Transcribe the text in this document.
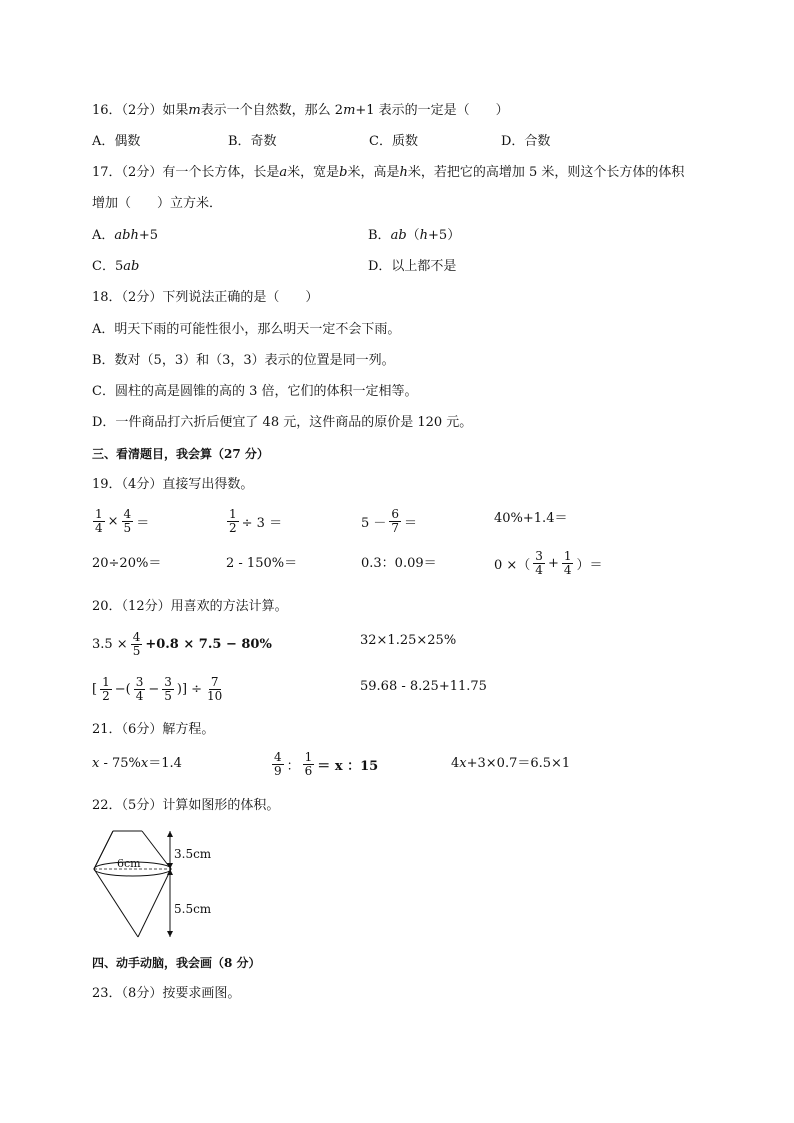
16．（2分）如果m表示一个自然数，那么 2m+1 表示的一定是（　　）
A．偶数	B．奇数	C．质数	D．合数
17．（2分）有一个长方体，长是a米，宽是b米，高是h米，若把它的高增加 5 米，则这个长方体的体积
增加（　　）立方米．
A．abh+5	B．ab（h+5）
C．5ab	D．以上都不是
18．（2分）下列说法正确的是（　　）
A．明天下雨的可能性很小，那么明天一定不会下雨。
B．数对（5，3）和（3，3）表示的位置是同一列。
C．圆柱的高是圆锥的高的 3 倍，它们的体积一定相等。
D．一件商品打六折后便宜了 48 元，这件商品的原价是 120 元。
三、看清题目，我会算（27 分）
19．（4分）直接写出得数。
$\frac{1}{4} \times \frac{4}{5}$ ＝	$\frac{1}{2} \div 3$ ＝	$5 - \frac{6}{7}$ ＝	40%+1.4＝
20÷20%＝	2 - 150%＝	0.3：0.09＝	0 ×（ $\frac{3}{4} + \frac{1}{4}$ ）＝
20．（12分）用喜欢的方法计算。
$3.5 \times \frac{4}{5} +0.8 \times 7.5 - 80\%$	32×1.25×25%
[ $\frac{1}{2}$ −( $\frac{3}{4} - \frac{3}{5}$ )] ÷ $\frac{7}{10}$	59.68 - 8.25+11.75
21．（6分）解方程。
x - 75%x＝1.4	$\frac{4}{9}$ ： $\frac{1}{6} = x$ ：15	4x+3×0.7＝6.5×1
22．（5分）计算如图形的体积。
6cm
3.5cm
5.5cm
四、动手动脑，我会画（8 分）
23．（8分）按要求画图。
